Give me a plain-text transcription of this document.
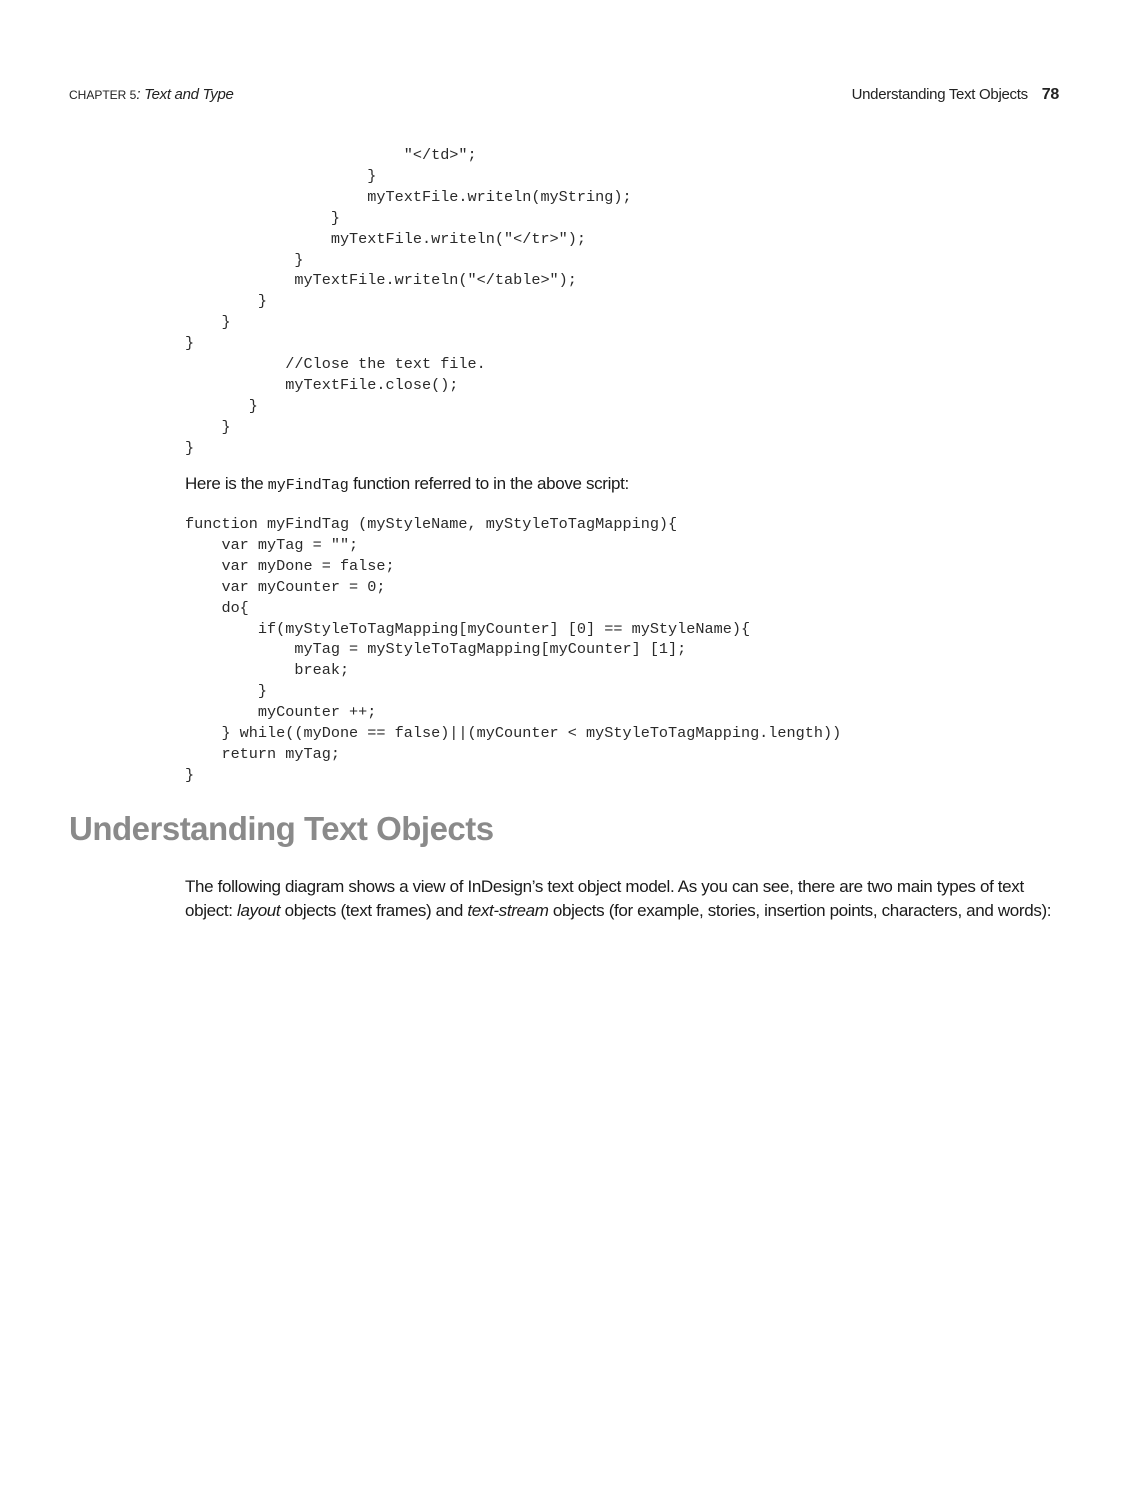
CHAPTER 5: Text and Type	Understanding Text Objects 78
"</td>";
}
myTextFile.writeln(myString);
}
myTextFile.writeln("</tr>");
}
myTextFile.writeln("</table>");
}
}
}
//Close the text file.
myTextFile.close();
}
}
}

Here is the myFindTag function referred to in the above script:

function myFindTag (myStyleName, myStyleToTagMapping){
var myTag = "";
var myDone = false;
var myCounter = 0;
do{
if(myStyleToTagMapping[myCounter] [0] == myStyleName){
myTag = myStyleToTagMapping[myCounter] [1];
break;
}
myCounter ++;
} while((myDone == false)||(myCounter < myStyleToTagMapping.length))
return myTag;
}
Understanding Text Objects

The following diagram shows a view of InDesign’s text object model. As you can see, there are two main types of text object: layout objects (text frames) and text-stream objects (for example, stories, insertion points, characters, and words):
